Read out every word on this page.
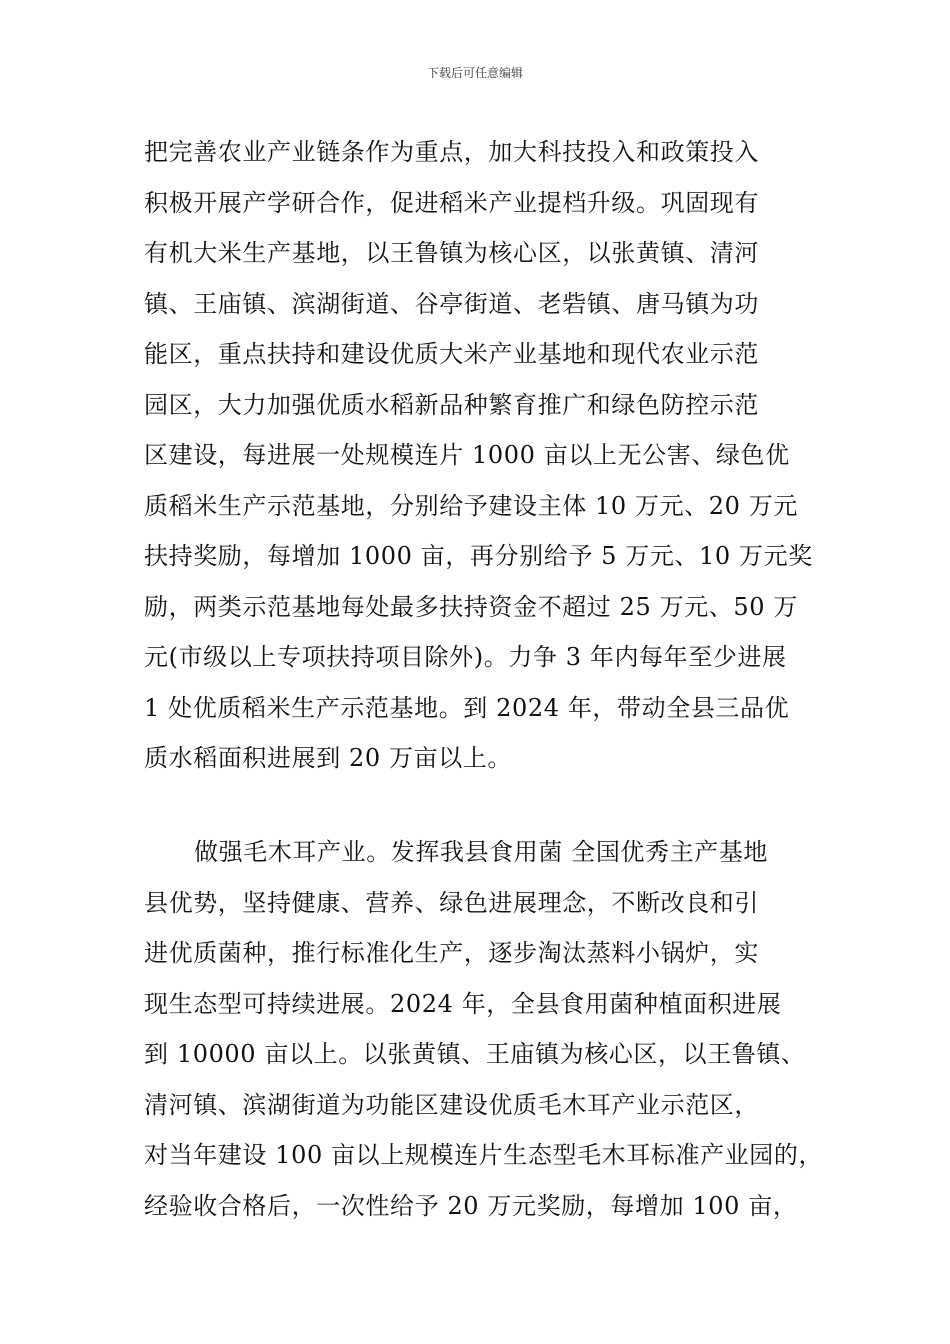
下载后可任意编辑
把完善农业产业链条作为重点，加大科技投入和政策投入
积极开展产学研合作，促进稻米产业提档升级。巩固现有
有机大米生产基地，以王鲁镇为核心区，以张黄镇、清河
镇、王庙镇、滨湖街道、谷亭街道、老砦镇、唐马镇为功
能区，重点扶持和建设优质大米产业基地和现代农业示范
园区，大力加强优质水稻新品种繁育推广和绿色防控示范
区建设，每进展一处规模连片 1000 亩以上无公害、绿色优
质稻米生产示范基地，分别给予建设主体 10 万元、20 万元
扶持奖励，每增加 1000 亩，再分别给予 5 万元、10 万元奖
励，两类示范基地每处最多扶持资金不超过 25 万元、50 万
元(市级以上专项扶持项目除外)。力争 3 年内每年至少进展
1 处优质稻米生产示范基地。到 2024 年，带动全县三品优
质水稻面积进展到 20 万亩以上。
做强毛木耳产业。发挥我县食用菌 全国优秀主产基地
县优势，坚持健康、营养、绿色进展理念，不断改良和引
进优质菌种，推行标准化生产，逐步淘汰蒸料小锅炉，实
现生态型可持续进展。2024 年，全县食用菌种植面积进展
到 10000 亩以上。以张黄镇、王庙镇为核心区，以王鲁镇、
清河镇、滨湖街道为功能区建设优质毛木耳产业示范区，
对当年建设 100 亩以上规模连片生态型毛木耳标准产业园的，
经验收合格后，一次性给予 20 万元奖励，每增加 100 亩，
